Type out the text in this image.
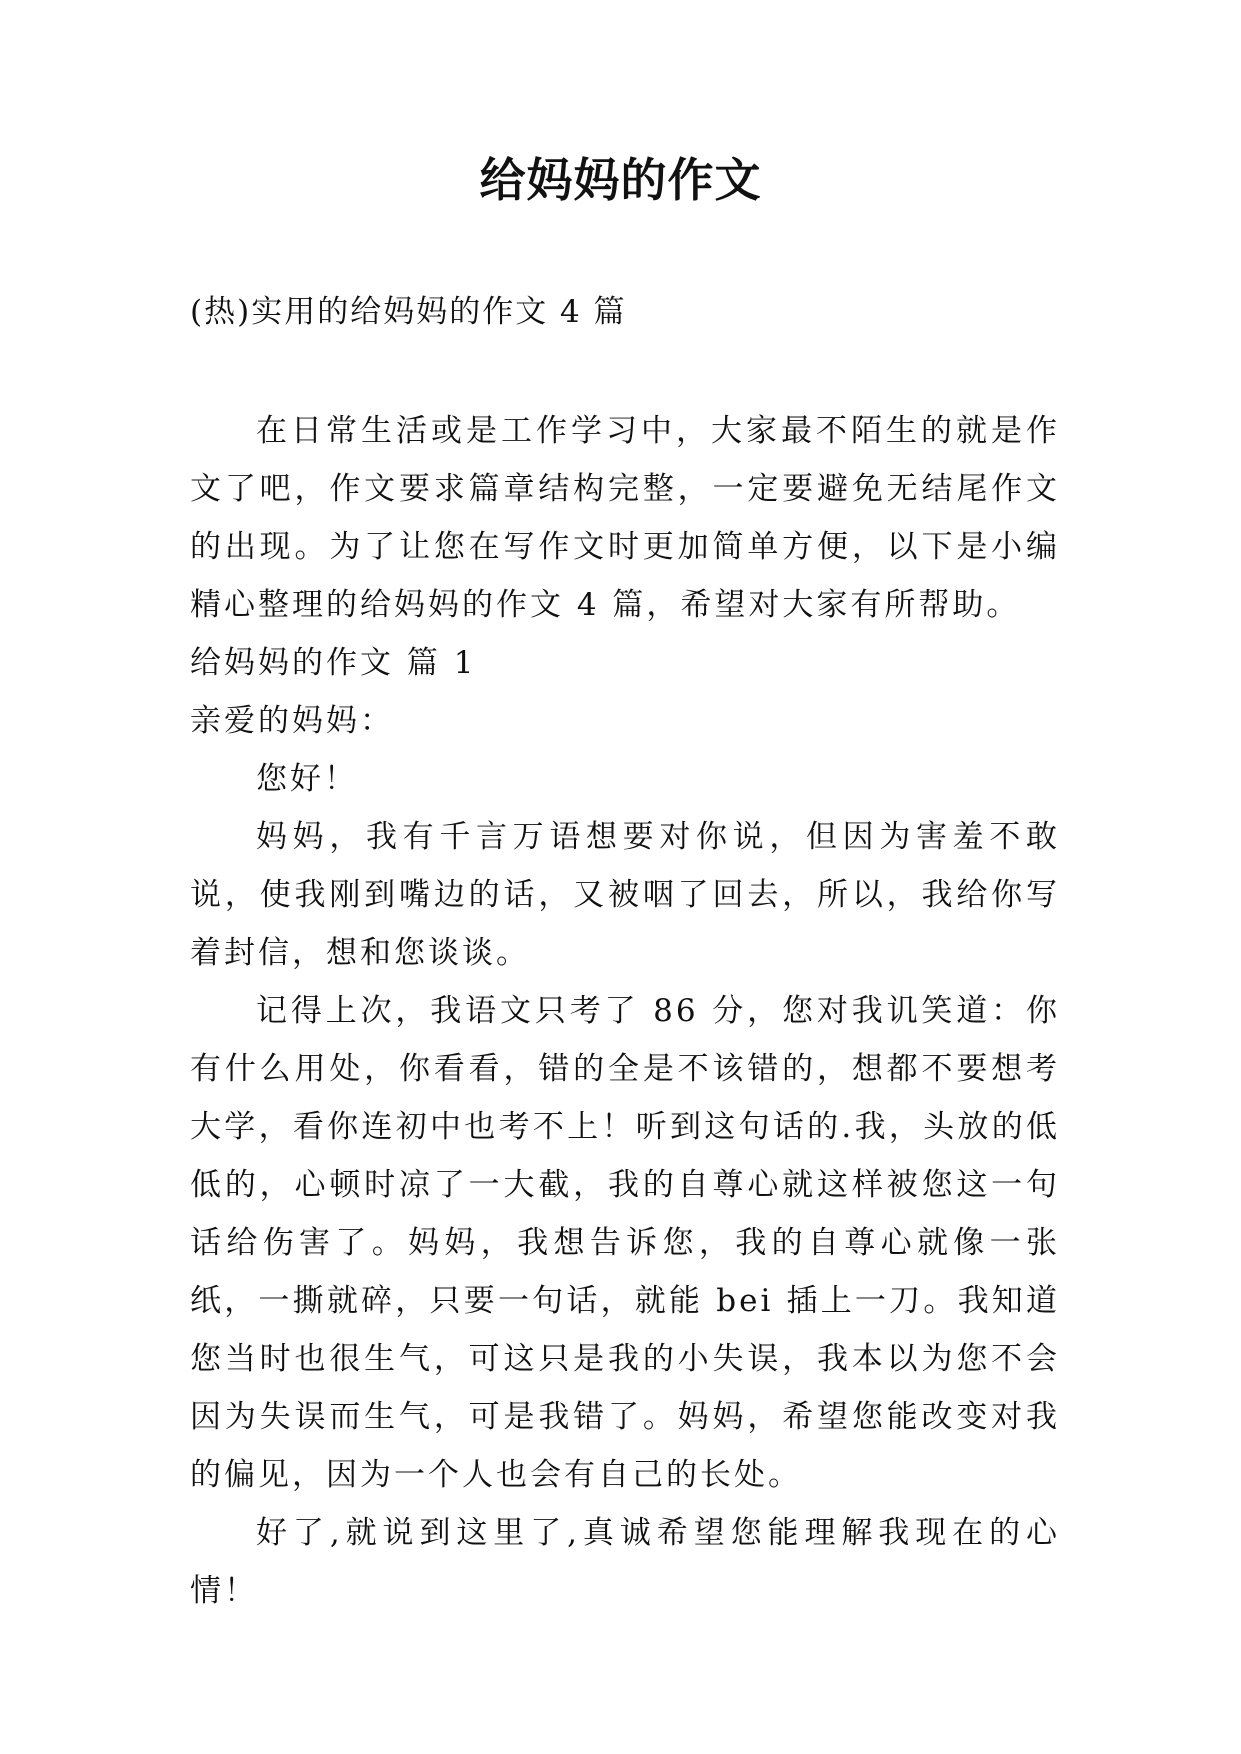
给妈妈的作文

(热)实用的给妈妈的作文 4 篇

在日常生活或是工作学习中，大家最不陌生的就是作文了吧，作文要求篇章结构完整，一定要避免无结尾作文的出现。为了让您在写作文时更加简单方便，以下是小编精心整理的给妈妈的作文 4 篇，希望对大家有所帮助。

给妈妈的作文 篇 1

亲爱的妈妈：

您好！

妈妈，我有千言万语想要对你说，但因为害羞不敢说，使我刚到嘴边的话，又被咽了回去，所以，我给你写着封信，想和您谈谈。

记得上次，我语文只考了 86 分，您对我讥笑道：你有什么用处，你看看，错的全是不该错的，想都不要想考大学，看你连初中也考不上！听到这句话的.我，头放的低低的，心顿时凉了一大截，我的自尊心就这样被您这一句话给伤害了。妈妈，我想告诉您，我的自尊心就像一张纸，一撕就碎，只要一句话，就能 bei 插上一刀。我知道您当时也很生气，可这只是我的小失误，我本以为您不会因为失误而生气，可是我错了。妈妈，希望您能改变对我的偏见，因为一个人也会有自己的长处。

好了,就说到这里了,真诚希望您能理解我现在的心情！
